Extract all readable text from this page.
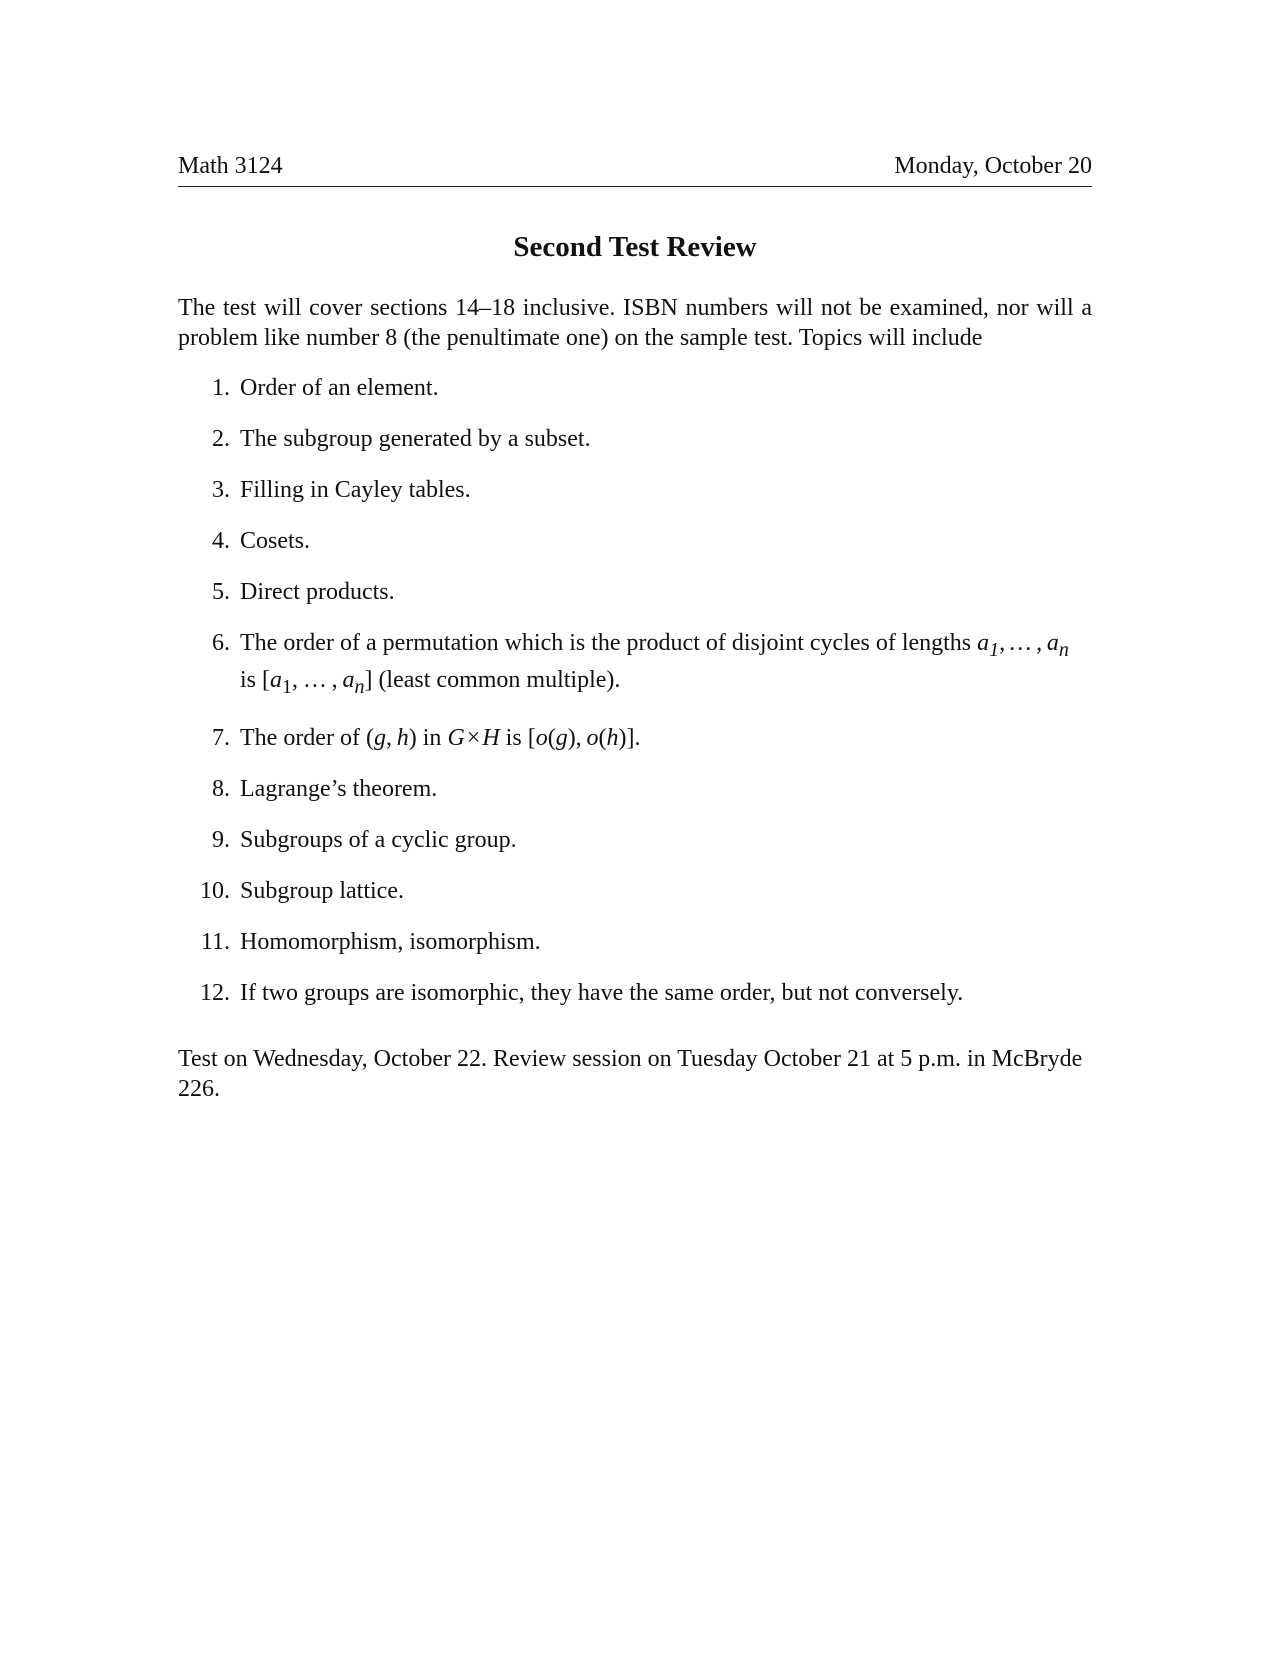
Math 3124	Monday, October 20
Second Test Review
The test will cover sections 14–18 inclusive. ISBN numbers will not be examined, nor will a problem like number 8 (the penultimate one) on the sample test. Topics will include
1. Order of an element.
2. The subgroup generated by a subset.
3. Filling in Cayley tables.
4. Cosets.
5. Direct products.
6. The order of a permutation which is the product of disjoint cycles of lengths $a_1$, … , $a_n$
is [$a_1$, … , $a_n$] (least common multiple).
7. The order of (g, h) in G × H is [o(g), o(h)].
8. Lagrange’s theorem.
9. Subgroups of a cyclic group.
10. Subgroup lattice.
11. Homomorphism, isomorphism.
12. If two groups are isomorphic, they have the same order, but not conversely.
Test on Wednesday, October 22. Review session on Tuesday October 21 at 5 p.m. in McBryde 226.
